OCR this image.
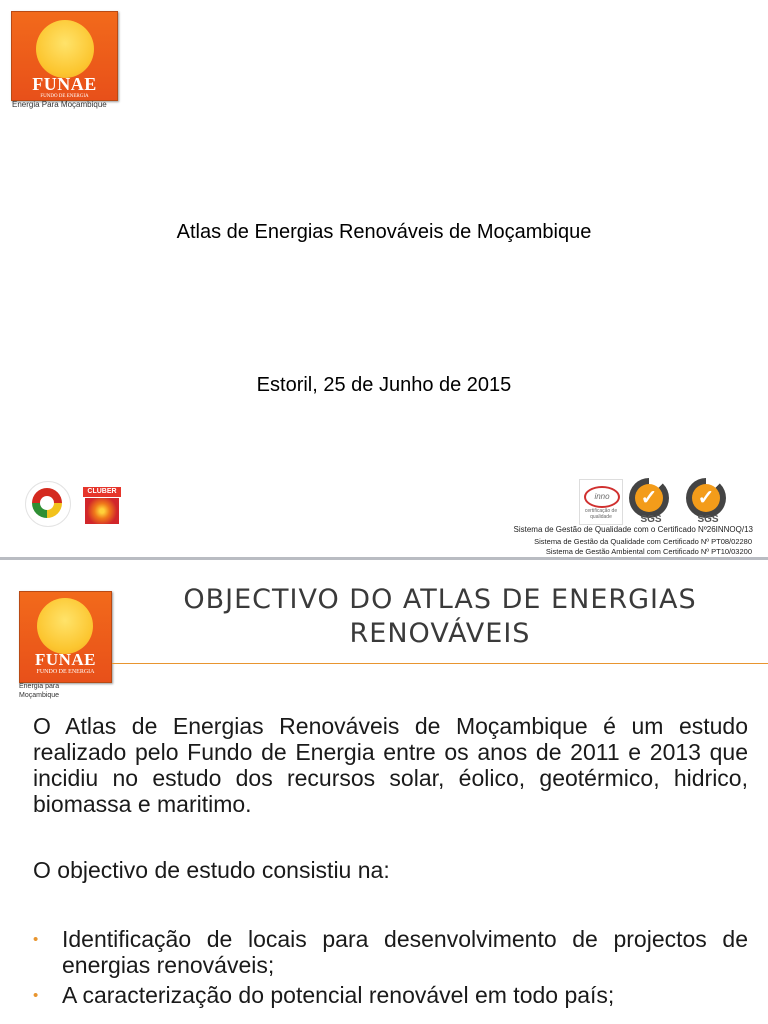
FUNAE
FUNDO DE ENERGIA
Energia Para Moçambique
Atlas de Energias Renováveis de Moçambique
Estoril, 25 de Junho de 2015
CLUBER
inno
certificação de qualidade
✓
SGS
✓
SGS
Sistema de Gestão de Qualidade com o Certificado Nº26INNOQ/13
Sistema de Gestão da Qualidade com Certificado Nº PT08/02280
Sistema de Gestão Ambiental com Certificado Nº PT10/03200
FUNAE
FUNDO DE ENERGIA
Energia para Moçambique
OBJECTIVO DO ATLAS DE ENERGIAS RENOVÁVEIS
O Atlas de Energias Renováveis de Moçambique é um estudo realizado pelo Fundo de Energia entre os anos de 2011 e 2013 que incidiu no estudo dos recursos solar, éolico, geotérmico, hidrico, biomassa e maritimo.
O objectivo de estudo consistiu na:
• Identificação de locais para desenvolvimento de projectos de energias renováveis;
• A caracterização do potencial renovável em todo país;
